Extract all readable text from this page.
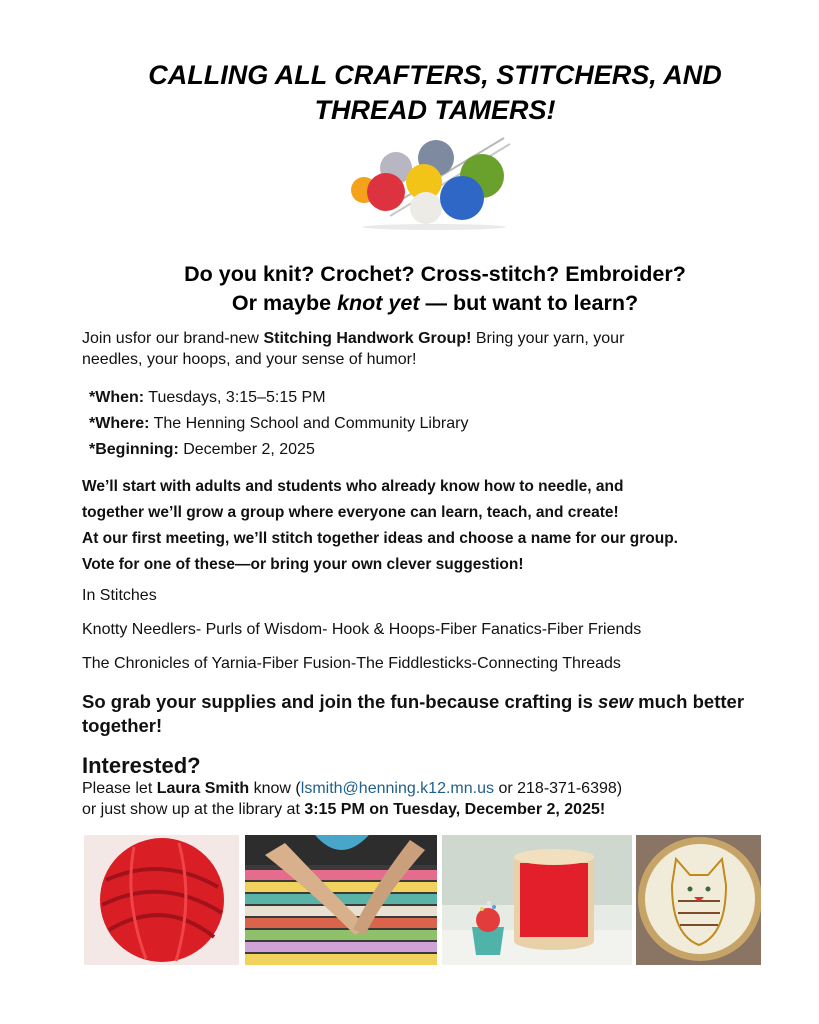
CALLING ALL CRAFTERS, STITCHERS, AND THREAD TAMERS!
Do you knit? Crochet? Cross-stitch? Embroider?
Or maybe knot yet — but want to learn?
Join usfor our brand-new Stitching Handwork Group! Bring your yarn, your needles, your hoops, and your sense of humor!
*When: Tuesdays, 3:15–5:15 PM
*Where: The Henning School and Community Library
*Beginning: December 2, 2025
We’ll start with adults and students who already know how to needle, and
together we’ll grow a group where everyone can learn, teach, and create!
At our first meeting, we’ll stitch together ideas and choose a name for our group.
Vote for one of these—or bring your own clever suggestion!
In Stitches
Knotty Needlers- Purls of Wisdom- Hook & Hoops-Fiber Fanatics-Fiber Friends
The Chronicles of Yarnia-Fiber Fusion-The Fiddlesticks-Connecting Threads
So grab your supplies and join the fun-because crafting is sew much better together!
Interested?
Please let Laura Smith know (lsmith@henning.k12.mn.us or 218-371-6398)
or just show up at the library at 3:15 PM on Tuesday, December 2, 2025!
